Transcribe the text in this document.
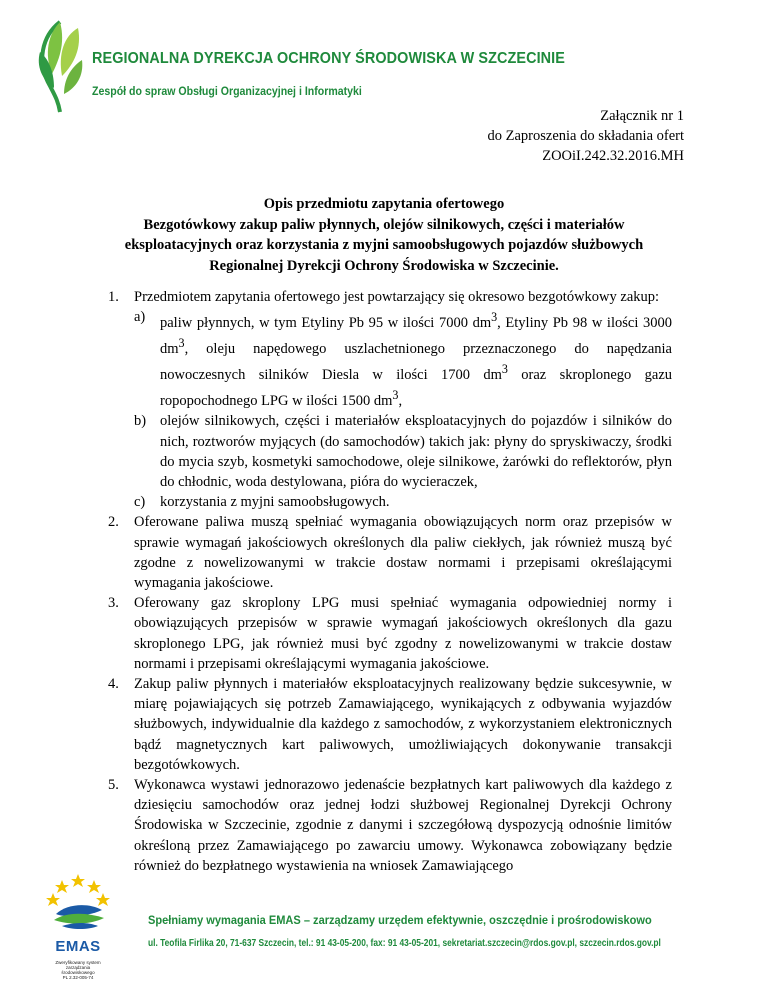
REGIONALNA DYREKCJA OCHRONY ŚRODOWISKA W SZCZECINIE
Zespół do spraw Obsługi Organizacyjnej i Informatyki
Załącznik nr 1
do Zaproszenia do składania ofert
ZOOiI.242.32.2016.MH
Opis przedmiotu zapytania ofertowego
Bezgotówkowy zakup paliw płynnych, olejów silnikowych, części i materiałów
eksploatacyjnych oraz korzystania z myjni samoobsługowych pojazdów służbowych
Regionalnej Dyrekcji Ochrony Środowiska w Szczecinie.
1. Przedmiotem zapytania ofertowego jest powtarzający się okresowo bezgotówkowy zakup:
a) paliw płynnych, w tym Etyliny Pb 95 w ilości 7000 $dm^3$, Etyliny Pb 98 w ilości 3000 $dm^3$, oleju napędowego uszlachetnionego przeznaczonego do napędzania nowoczesnych silników Diesla w ilości 1700 $dm^3$ oraz skroplonego gazu ropopochodnego LPG w ilości 1500 $dm^3$,
b) olejów silnikowych, części i materiałów eksploatacyjnych do pojazdów i silników do nich, roztworów myjących (do samochodów) takich jak: płyny do spryskiwaczy, środki do mycia szyb, kosmetyki samochodowe, oleje silnikowe, żarówki do reflektorów, płyn do chłodnic, woda destylowana, pióra do wycieraczek,
c) korzystania z myjni samoobsługowych.
2. Oferowane paliwa muszą spełniać wymagania obowiązujących norm oraz przepisów w sprawie wymagań jakościowych określonych dla paliw ciekłych, jak również muszą być zgodne z nowelizowanymi w trakcie dostaw normami i przepisami określającymi wymagania jakościowe.
3. Oferowany gaz skroplony LPG musi spełniać wymagania odpowiedniej normy i obowiązujących przepisów w sprawie wymagań jakościowych określonych dla gazu skroplonego LPG, jak również musi być zgodny z nowelizowanymi w trakcie dostaw normami i przepisami określającymi wymagania jakościowe.
4. Zakup paliw płynnych i materiałów eksploatacyjnych realizowany będzie sukcesywnie, w miarę pojawiających się potrzeb Zamawiającego, wynikających z odbywania wyjazdów służbowych, indywidualnie dla każdego z samochodów, z wykorzystaniem elektronicznych bądź magnetycznych kart paliwowych, umożliwiających dokonywanie transakcji bezgotówkowych.
5. Wykonawca wystawi jednorazowo jedenaście bezpłatnych kart paliwowych dla każdego z dziesięciu samochodów oraz jednej łodzi służbowej Regionalnej Dyrekcji Ochrony Środowiska w Szczecinie, zgodnie z danymi i szczegółową dyspozycją odnośnie limitów określoną przez Zamawiającego po zawarciu umowy. Wykonawca zobowiązany będzie również do bezpłatnego wystawienia na wniosek Zamawiającego
EMAS
Zweryfikowany system
zarządzania
środowiskowego
PL 2.32-005-74
Spełniamy wymagania EMAS – zarządzamy urzędem efektywnie, oszczędnie i prośrodowiskowo
ul. Teofila Firlika 20, 71-637 Szczecin, tel.: 91 43-05-200, fax: 91 43-05-201, sekretariat.szczecin@rdos.gov.pl, szczecin.rdos.gov.pl
